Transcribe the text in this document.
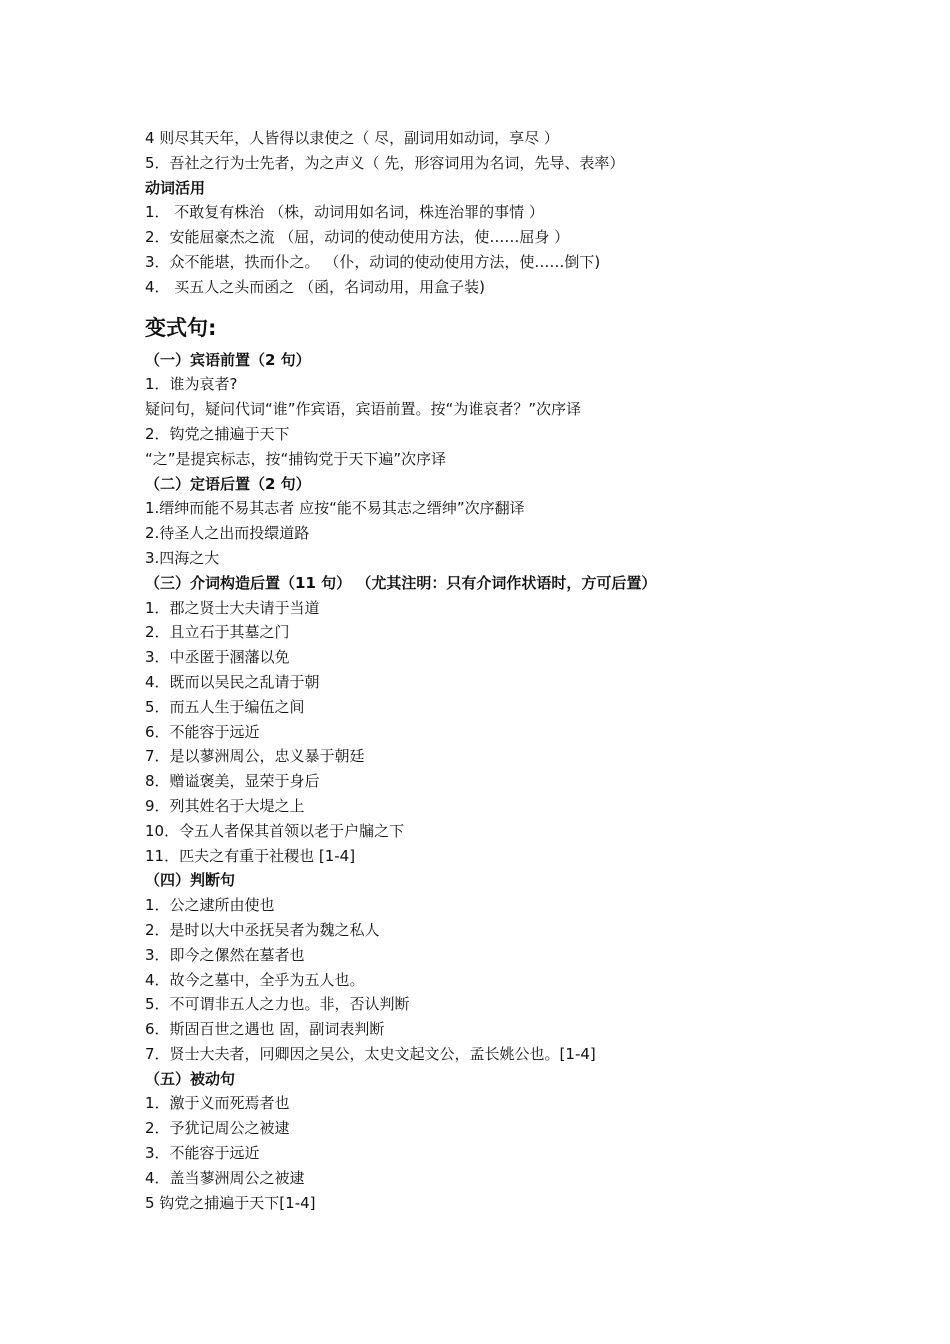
4 则尽其天年，人皆得以隶使之（ 尽，副词用如动词，享尽 ）
5．吾社之行为士先者，为之声义（ 先，形容词用为名词，先导、表率）
动词活用
1． 不敢复有株治 （株，动词用如名词，株连治罪的事情 ）
2．安能屈豪杰之流 （屈，动词的使动使用方法，使……屈身 ）
3．众不能堪，抶而仆之。 （仆，动词的使动使用方法，使……倒下)
4． 买五人之头而函之 （函，名词动用，用盒子装)
变式句:
（一）宾语前置（2 句）
1．谁为哀者?
疑问句，疑问代词“谁”作宾语，宾语前置。按“为谁哀者？”次序译
2．钩党之捕遍于天下
“之”是提宾标志，按“捕钩党于天下遍”次序译
（二）定语后置（2 句）
1.缙绅而能不易其志者 应按“能不易其志之缙绅”次序翻译
2.待圣人之出而投缳道路
3.四海之大
（三）介词构造后置（11 句） （尤其注明：只有介词作状语时，方可后置）
1．郡之贤士大夫请于当道
2．且立石于其墓之门
3．中丞匿于溷藩以免
4．既而以吴民之乱请于朝
5．而五人生于编伍之间
6．不能容于远近
7．是以蓼洲周公，忠义暴于朝廷
8．赠谥褒美，显荣于身后
9．列其姓名于大堤之上
10．令五人者保其首领以老于户牖之下
11．匹夫之有重于社稷也 [1-4]
（四）判断句
1．公之逮所由使也
2．是时以大中丞抚吴者为魏之私人
3．即今之傫然在墓者也
4．故今之墓中，全乎为五人也。
5．不可谓非五人之力也。非，否认判断
6．斯固百世之遇也 固，副词表判断
7．贤士大夫者，冋卿因之吴公，太史文起文公，孟长姚公也。[1-4]
（五）被动句
1．激于义而死焉者也
2．予犹记周公之被逮
3．不能容于远近
4．盖当蓼洲周公之被逮
5 钩党之捕遍于天下[1-4]
